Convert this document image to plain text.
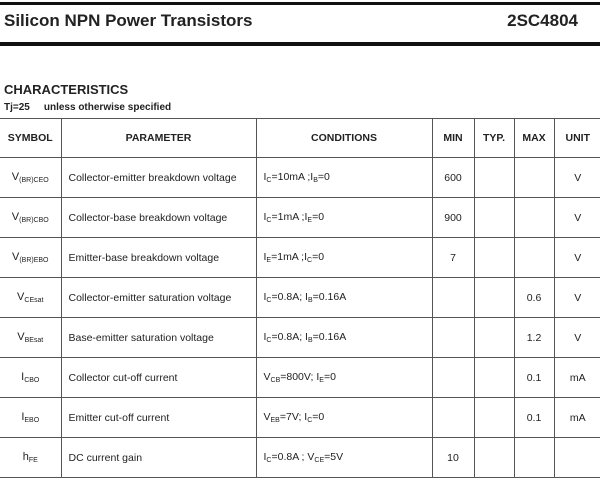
Silicon NPN Power Transistors	2SC4804
CHARACTERISTICS
Tj=25 unless otherwise specified
SYMBOL	PARAMETER	CONDITIONS	MIN	TYP.	MAX	UNIT
$V_{(BR)CEO}$	Collector-emitter breakdown voltage	$I_C=10mA$ $;I_B=0$	600			V
$V_{(BR)CBO}$	Collector-base breakdown voltage	$I_C=1mA$ $;I_E=0$	900			V
$V_{(BR)EBO}$	Emitter-base breakdown voltage	$I_E=1mA$ $;I_C=0$	7			V
$V_{CEsat}$	Collector-emitter saturation voltage	$I_C=0.8A$; $I_B=0.16A$			0.6	V
$V_{BEsat}$	Base-emitter saturation voltage	$I_C=0.8A$; $I_B=0.16A$			1.2	V
$I_{CBO}$	Collector cut-off current	$V_{CB}=800V$; $I_E=0$			0.1	mA
$I_{EBO}$	Emitter cut-off current	$V_{EB}=7V$; $I_C=0$			0.1	mA
$h_{FE}$	DC current gain	$I_C=0.8A$ ; $V_{CE}=5V$	10			
